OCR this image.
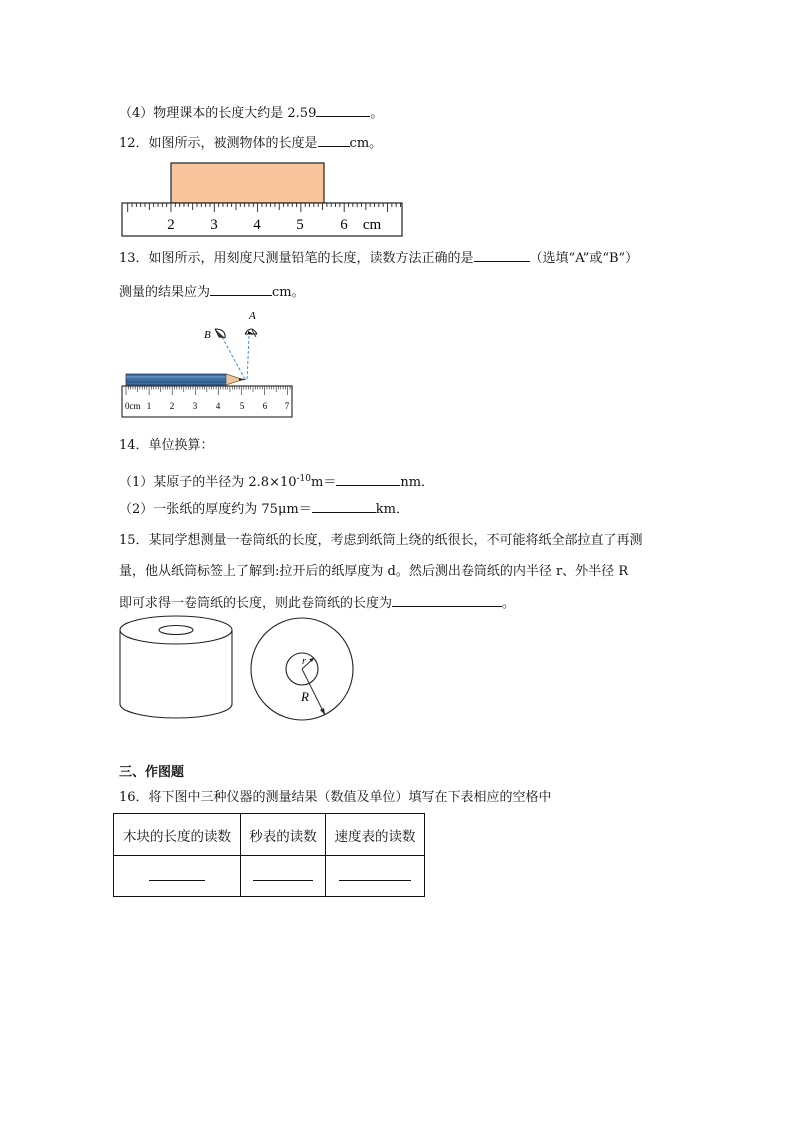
（4）物理课本的长度大约是 2.59	。
12．如图所示，被测物体的长度是 cm。
2 3 4 5 6 cm
13．如图所示，用刻度尺测量铅笔的长度，读数方法正确的是	（选填“A”或“B”）
测量的结果应为	cm。
A
B
0cm 1 2 3 4 5 6 7
14．单位换算：
（1）某原子的半径为 $2.8\times 10^{-10}m=$	nm．
（2）一张纸的厚度约为 75μm＝	km．
15．某同学想测量一卷筒纸的长度，考虑到纸筒上绕的纸很长，不可能将纸全部拉直了再测
量，他从纸筒标签上了解到:拉开后的纸厚度为 d。然后测出卷筒纸的内半径 r、外半径 R
即可求得一卷筒纸的长度，则此卷筒纸的长度为	。
r
R
三、作图题
16．将下图中三种仪器的测量结果（数值及单位）填写在下表相应的空格中
木块的长度的读数	秒表的读数	速度表的读数
